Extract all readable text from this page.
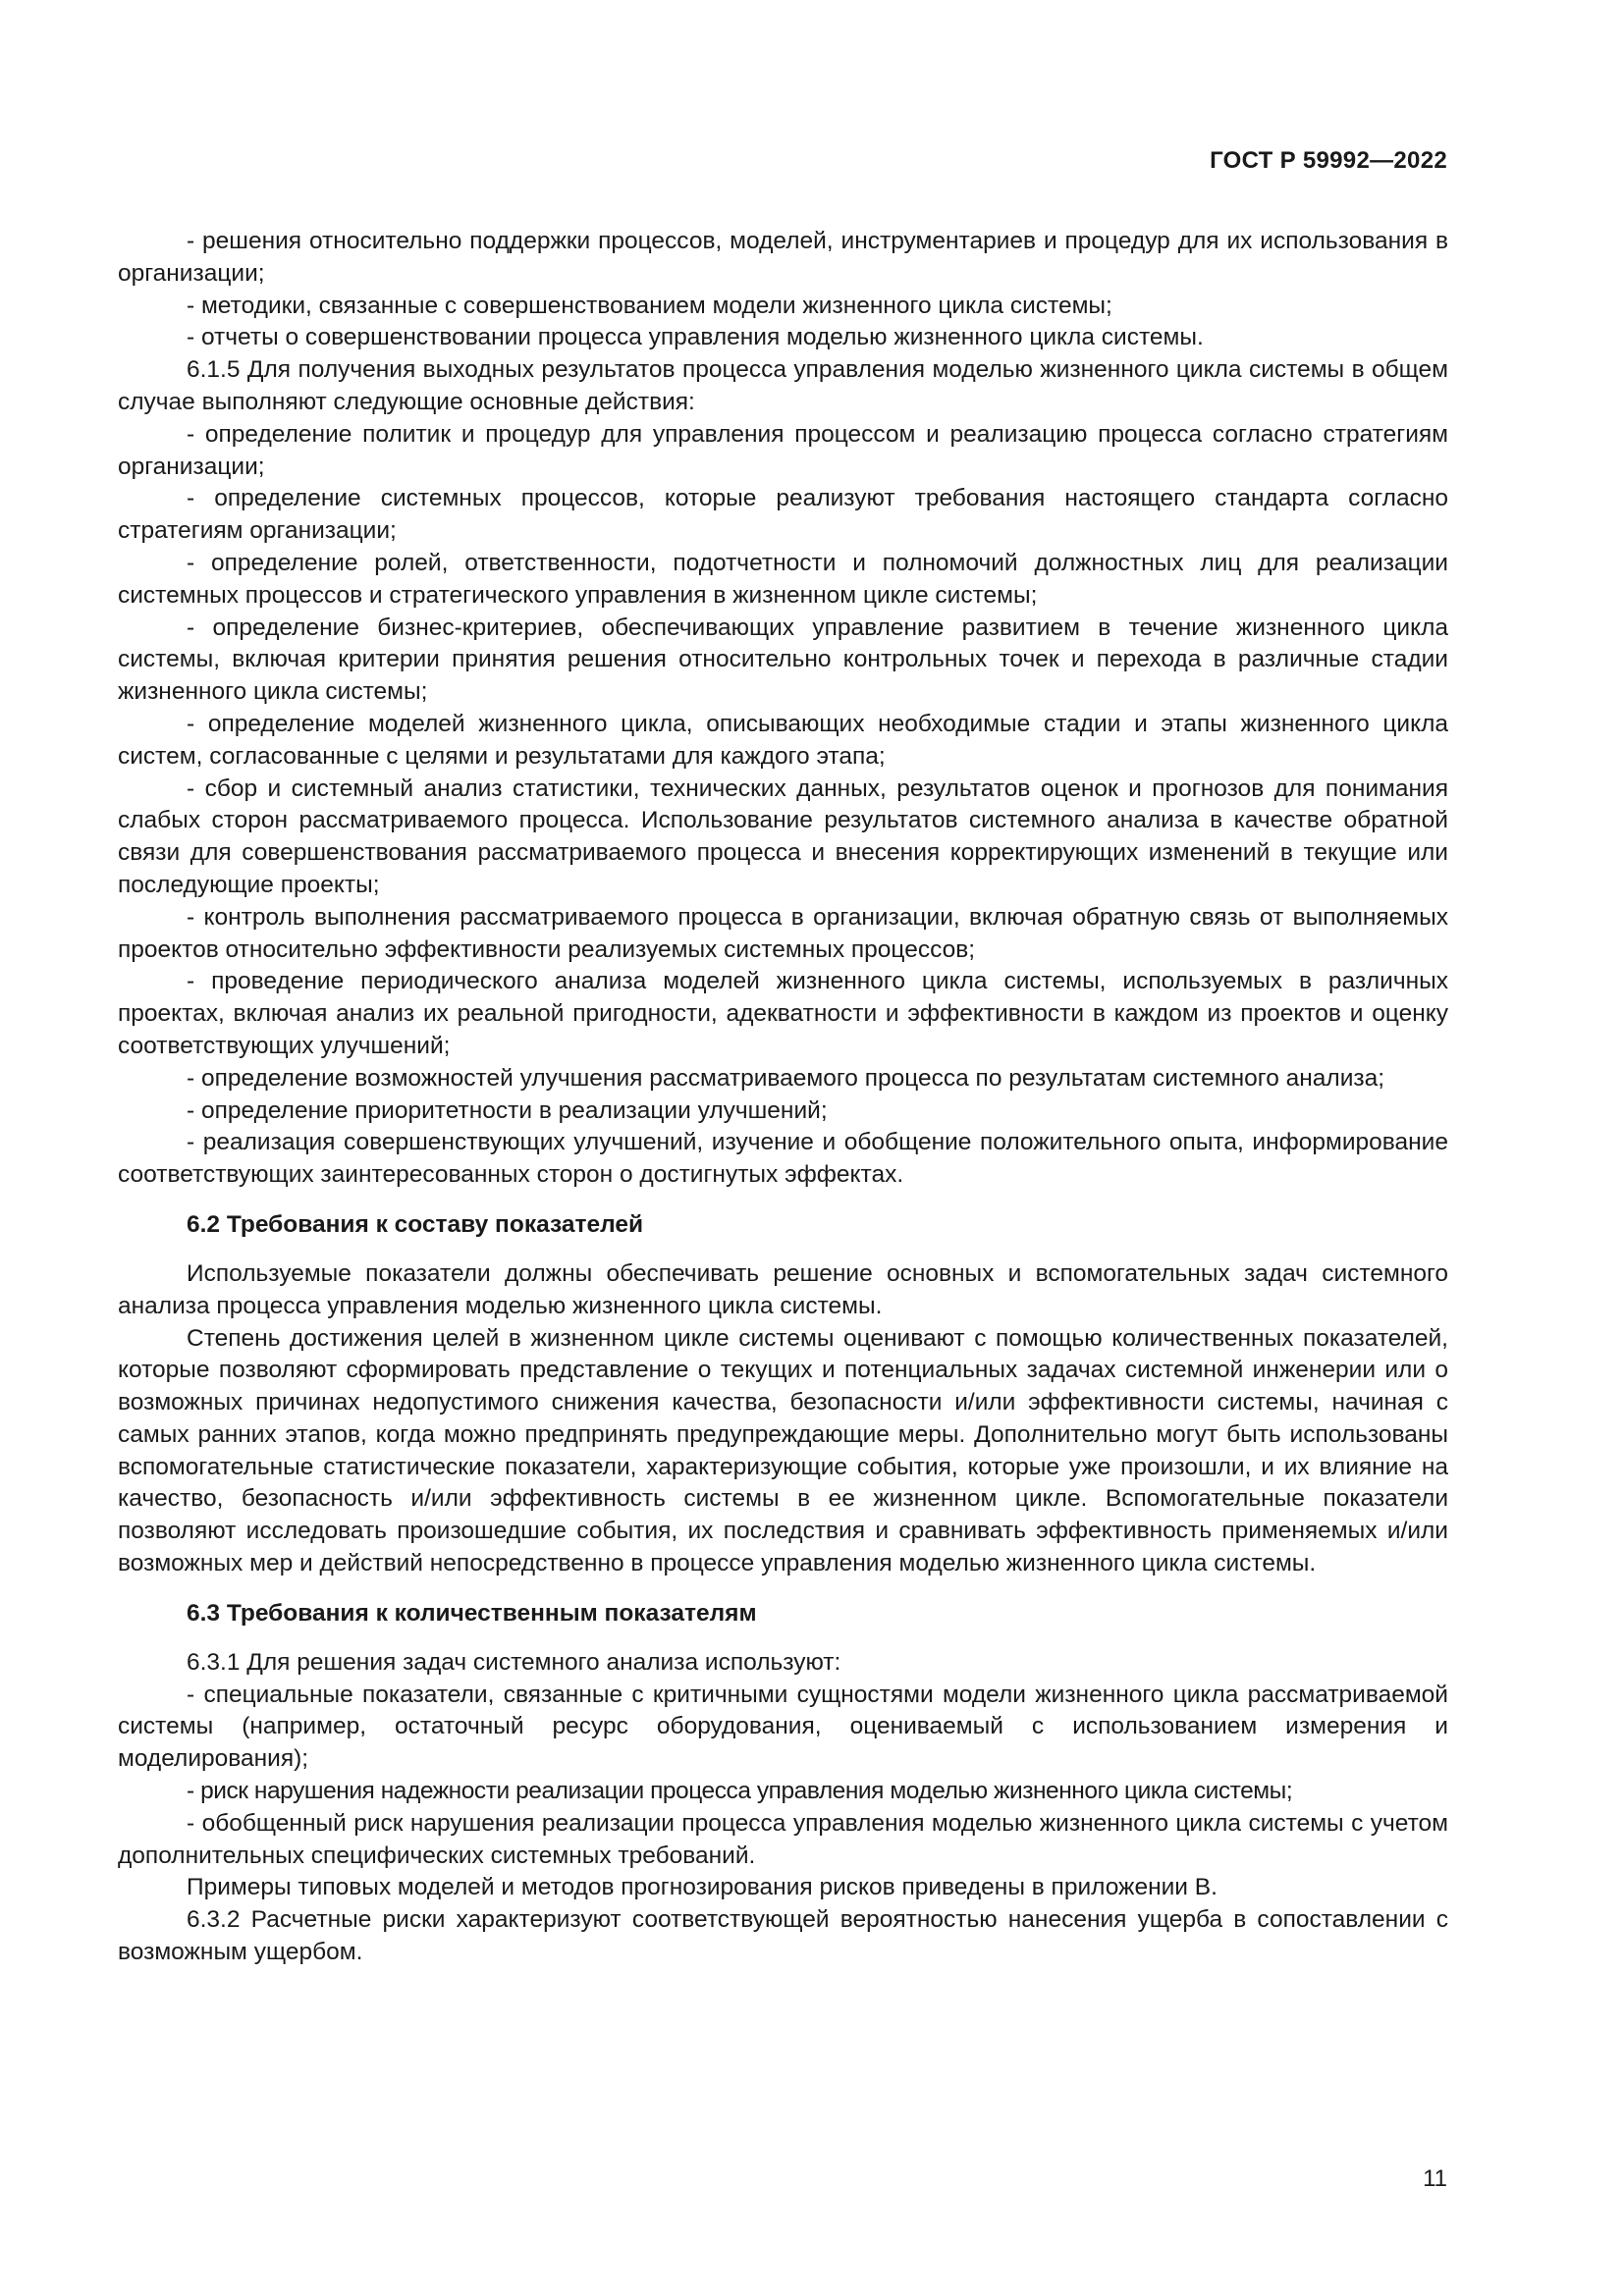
ГОСТ Р 59992—2022

- решения относительно поддержки процессов, моделей, инструментариев и процедур для их использования в организации;

- методики, связанные с совершенствованием модели жизненного цикла системы;

- отчеты о совершенствовании процесса управления моделью жизненного цикла системы.

6.1.5 Для получения выходных результатов процесса управления моделью жизненного цикла системы в общем случае выполняют следующие основные действия:

- определение политик и процедур для управления процессом и реализацию процесса согласно стратегиям организации;

- определение системных процессов, которые реализуют требования настоящего стандарта согласно стратегиям организации;

- определение ролей, ответственности, подотчетности и полномочий должностных лиц для реализации системных процессов и стратегического управления в жизненном цикле системы;

- определение бизнес-критериев, обеспечивающих управление развитием в течение жизненного цикла системы, включая критерии принятия решения относительно контрольных точек и перехода в различные стадии жизненного цикла системы;

- определение моделей жизненного цикла, описывающих необходимые стадии и этапы жизненного цикла систем, согласованные с целями и результатами для каждого этапа;

- сбор и системный анализ статистики, технических данных, результатов оценок и прогнозов для понимания слабых сторон рассматриваемого процесса. Использование результатов системного анализа в качестве обратной связи для совершенствования рассматриваемого процесса и внесения корректирующих изменений в текущие или последующие проекты;

- контроль выполнения рассматриваемого процесса в организации, включая обратную связь от выполняемых проектов относительно эффективности реализуемых системных процессов;

- проведение периодического анализа моделей жизненного цикла системы, используемых в различных проектах, включая анализ их реальной пригодности, адекватности и эффективности в каждом из проектов и оценку соответствующих улучшений;

- определение возможностей улучшения рассматриваемого процесса по результатам системного анализа;

- определение приоритетности в реализации улучшений;

- реализация совершенствующих улучшений, изучение и обобщение положительного опыта, информирование соответствующих заинтересованных сторон о достигнутых эффектах.

6.2 Требования к составу показателей

Используемые показатели должны обеспечивать решение основных и вспомогательных задач системного анализа процесса управления моделью жизненного цикла системы.

Степень достижения целей в жизненном цикле системы оценивают с помощью количественных показателей, которые позволяют сформировать представление о текущих и потенциальных задачах системной инженерии или о возможных причинах недопустимого снижения качества, безопасности и/​или эффективности системы, начиная с самых ранних этапов, когда можно предпринять предупреждающие меры. Дополнительно могут быть использованы вспомогательные статистические показатели, характеризующие события, которые уже произошли, и их влияние на качество, безопасность и/или эффективность системы в ее жизненном цикле. Вспомогательные показатели позволяют исследовать произошедшие события, их последствия и сравнивать эффективность применяемых и/или возможных мер и действий непосредственно в процессе управления моделью жизненного цикла системы.

6.3 Требования к количественным показателям

6.3.1 Для решения задач системного анализа используют:

- специальные показатели, связанные с критичными сущностями модели жизненного цикла рассматриваемой системы (например, остаточный ресурс оборудования, оцениваемый с использованием измерения и моделирования);

- риск нарушения надежности реализации процесса управления моделью жизненного цикла системы;

- обобщенный риск нарушения реализации процесса управления моделью жизненного цикла системы с учетом дополнительных специфических системных требований.

Примеры типовых моделей и методов прогнозирования рисков приведены в приложении В.

6.3.2 Расчетные риски характеризуют соответствующей вероятностью нанесения ущерба в сопоставлении с возможным ущербом.

11
